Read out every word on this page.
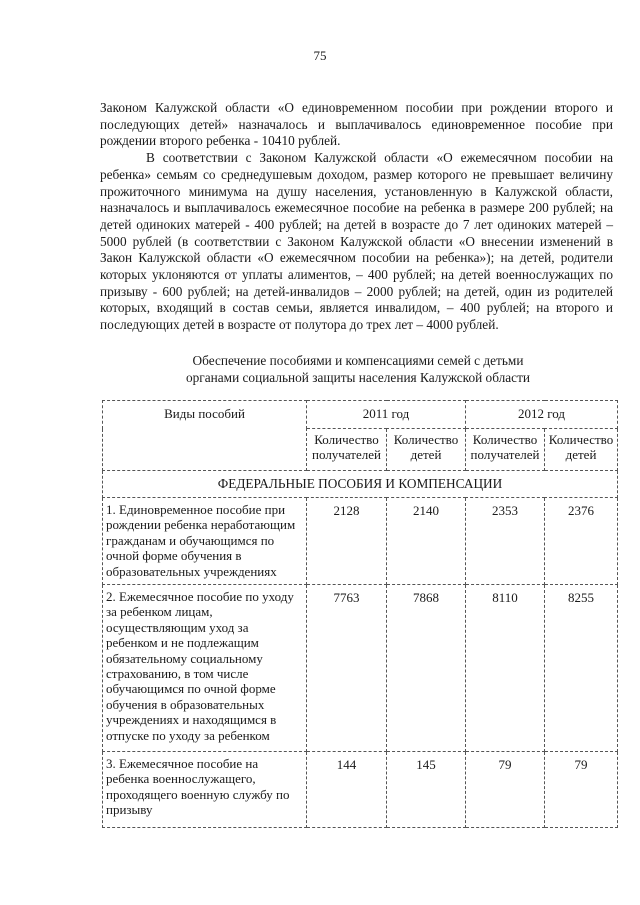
75

Законом Калужской области «О единовременном пособии при рождении второго и последующих детей» назначалось и выплачивалось единовременное пособие при рождении второго ребенка - 10410 рублей.

В соответствии с Законом Калужской области «О ежемесячном пособии на ребенка» семьям со среднедушевым доходом, размер которого не превышает величину прожиточного минимума на душу населения, установленную в Калужской области, назначалось и выплачивалось ежемесячное пособие на ребенка в размере 200 рублей; на детей одиноких матерей - 400 рублей; на детей в возрасте до 7 лет одиноких матерей – 5000 рублей (в соответствии с Законом Калужской области «О внесении изменений в Закон Калужской области «О ежемесячном пособии на ребенка»); на детей, родители которых уклоняются от уплаты алиментов, – 400 рублей; на детей военнослужащих по призыву - 600 рублей; на детей-инвалидов – 2000 рублей; на детей, один из родителей которых, входящий в состав семьи, является инвалидом, – 400 рублей; на второго и последующих детей в возрасте от полутора до трех лет – 4000 рублей.

Обеспечение пособиями и компенсациями семей с детьми
органами социальной защиты населения Калужской области
Виды пособий	2011 год		2012 год	
	Количество получателей	Количество детей	Количество получателей	Количество детей
ФЕДЕРАЛЬНЫЕ ПОСОБИЯ И КОМПЕНСАЦИИ				
1. Единовременное пособие при рождении ребенка неработающим гражданам и обучающимся по очной форме обучения в образовательных учреждениях	2128	2140	2353	2376
2. Ежемесячное пособие по уходу за ребенком лицам, осуществляющим уход за ребенком и не подлежащим обязательному социальному страхованию, в том числе обучающимся по очной форме обучения в образовательных учреждениях и находящимся в отпуске по уходу за ребенком	7763	7868	8110	8255
3. Ежемесячное пособие на ребенка военнослужащего, проходящего военную службу по призыву	144	145	79	79
